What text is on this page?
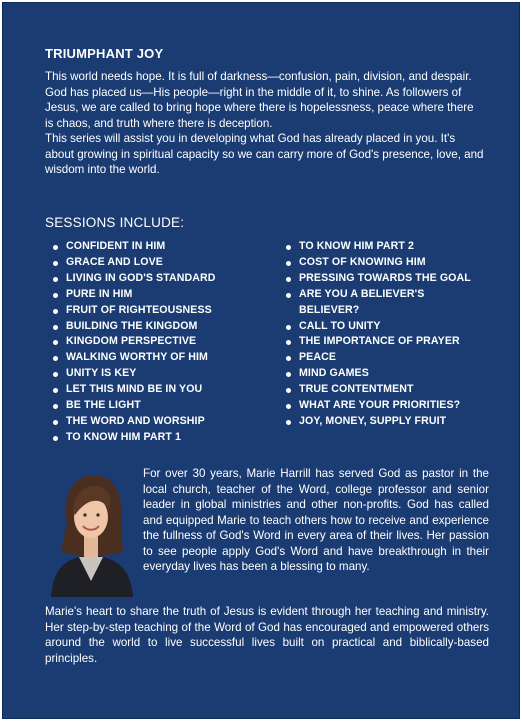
TRIUMPHANT JOY

This world needs hope. It is full of darkness—confusion, pain, division, and despair. God has placed us—His people—right in the middle of it, to shine. As followers of Jesus, we are called to bring hope where there is hopelessness, peace where there is chaos, and truth where there is deception.

This series will assist you in developing what God has already placed in you. It's about growing in spiritual capacity so we can carry more of God's presence, love, and wisdom into the world.

SESSIONS INCLUDE:
CONFIDENT IN HIM
GRACE AND LOVE
LIVING IN GOD'S STANDARD
PURE IN HIM
FRUIT OF RIGHTEOUSNESS
BUILDING THE KINGDOM
KINGDOM PERSPECTIVE
WALKING WORTHY OF HIM
UNITY IS KEY
LET THIS MIND BE IN YOU
BE THE LIGHT
THE WORD AND WORSHIP
TO KNOW HIM PART 1
TO KNOW HIM PART 2
COST OF KNOWING HIM
PRESSING TOWARDS THE GOAL
ARE YOU A BELIEVER'S BELIEVER?
CALL TO UNITY
THE IMPORTANCE OF PRAYER
PEACE
MIND GAMES
TRUE CONTENTMENT
WHAT ARE YOUR PRIORITIES?
JOY, MONEY, SUPPLY FRUIT
For over 30 years, Marie Harrill has served God as pastor in the local church, teacher of the Word, college professor and senior leader in global ministries and other non-profits. God has called and equipped Marie to teach others how to receive and experience the fullness of God's Word in every area of their lives. Her passion to see people apply God's Word and have breakthrough in their everyday lives has been a blessing to many.
Marie's heart to share the truth of Jesus is evident through her teaching and ministry. Her step-by-step teaching of the Word of God has encouraged and empowered others around the world to live successful lives built on practical and biblically-based principles.
